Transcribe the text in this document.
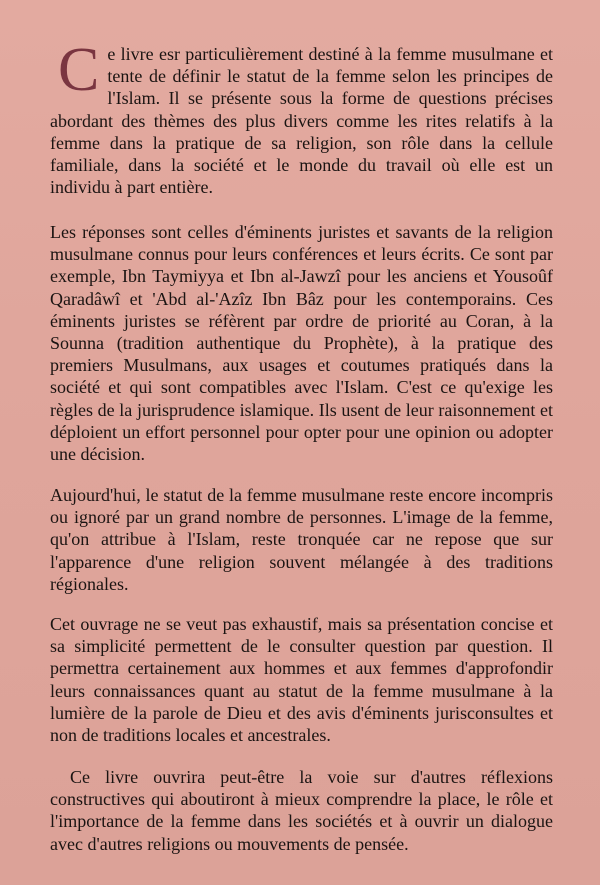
Ce livre esr particulièrement destiné à la femme musulmane et tente de définir le statut de la femme selon les principes de l'Islam. Il se présente sous la forme de questions précises abordant des thèmes des plus divers comme les rites relatifs à la femme dans la pratique de sa religion, son rôle dans la cellule familiale, dans la société et le monde du travail où elle est un individu à part entière.

Les réponses sont celles d'éminents juristes et savants de la religion musulmane connus pour leurs conférences et leurs écrits. Ce sont par exemple, Ibn Taymiyya et Ibn al-Jawzî pour les anciens et Yousoûf Qaradâwî et 'Abd al-'Azîz Ibn Bâz pour les contemporains. Ces éminents juristes se réfèrent par ordre de priorité au Coran, à la Sounna (tradition authentique du Prophète), à la pratique des premiers Musulmans, aux usages et coutumes pratiqués dans la société et qui sont compatibles avec l'Islam. C'est ce qu'exige les règles de la jurisprudence islamique. Ils usent de leur raisonnement et déploient un effort personnel pour opter pour une opinion ou adopter une décision.

Aujourd'hui, le statut de la femme musulmane reste encore incompris ou ignoré par un grand nombre de personnes. L'image de la femme, qu'on attribue à l'Islam, reste tronquée car ne repose que sur l'apparence d'une religion souvent mélangée à des traditions régionales.

Cet ouvrage ne se veut pas exhaustif, mais sa présentation concise et sa simplicité permettent de le consulter question par question. Il permettra certainement aux hommes et aux femmes d'approfondir leurs connaissances quant au statut de la femme musulmane à la lumière de la parole de Dieu et des avis d'éminents jurisconsultes et non de traditions locales et ancestrales.

Ce livre ouvrira peut-être la voie sur d'autres réflexions constructives qui aboutiront à mieux comprendre la place, le rôle et l'importance de la femme dans les sociétés et à ouvrir un dialogue avec d'autres religions ou mouvements de pensée.
